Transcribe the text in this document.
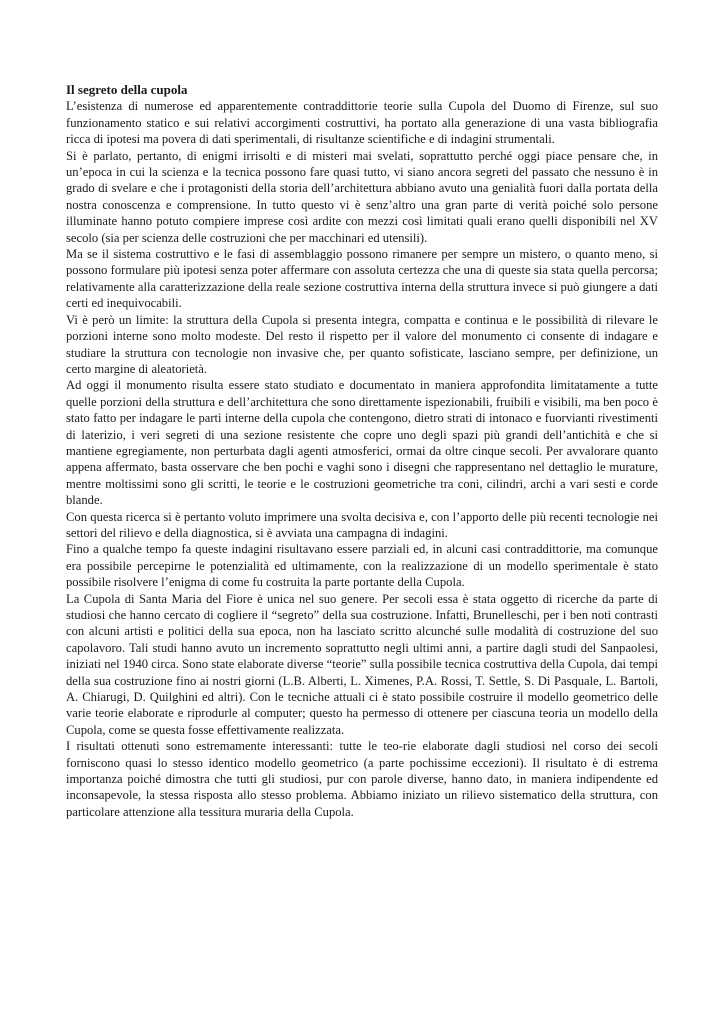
Il segreto della cupola

L’esistenza di numerose ed apparentemente contraddittorie teorie sulla Cupola del Duomo di Firenze, sul suo funzionamento statico e sui relativi accorgimenti costruttivi, ha portato alla generazione di una vasta bibliografia ricca di ipotesi ma povera di dati sperimentali, di risultanze scientifiche e di indagini strumentali.

Si è parlato, pertanto, di enigmi irrisolti e di misteri mai svelati, soprattutto perché oggi piace pensare che, in un’epoca in cui la scienza e la tecnica possono fare quasi tutto, vi siano ancora segreti del passato che nessuno è in grado di svelare e che i protagonisti della storia dell’architettura abbiano avuto una genialità fuori dalla portata della nostra conoscenza e comprensione. In tutto questo vi è senz’altro una gran parte di verità poiché solo persone illuminate hanno potuto compiere imprese così ardite con mezzi così limitati quali erano quelli disponibili nel XV secolo (sia per scienza delle costruzioni che per macchinari ed utensili).

Ma se il sistema costruttivo e le fasi di assemblaggio possono rimanere per sempre un mistero, o quanto meno, si possono formulare più ipotesi senza poter affermare con assoluta certezza che una di queste sia stata quella percorsa; relativamente alla caratterizzazione della reale sezione costruttiva interna della struttura invece si può giungere a dati certi ed inequivocabili.

Vi è però un limite: la struttura della Cupola si presenta integra, compatta e continua e le possibilità di rilevare le porzioni interne sono molto modeste. Del resto il rispetto per il valore del monumento ci consente di indagare e studiare la struttura con tecnologie non invasive che, per quanto sofisticate, lasciano sempre, per definizione, un certo margine di aleatorietà.

Ad oggi il monumento risulta essere stato studiato e documentato in maniera approfondita limitatamente a tutte quelle porzioni della struttura e dell’architettura che sono direttamente ispezionabili, fruibili e visibili, ma ben poco è stato fatto per indagare le parti interne della cupola che contengono, dietro strati di intonaco e fuorvianti rivestimenti di laterizio, i veri segreti di una sezione resistente che copre uno degli spazi più grandi dell’antichità e che si mantiene egregiamente, non perturbata dagli agenti atmosferici, ormai da oltre cinque secoli. Per avvalorare quanto appena affermato, basta osservare che ben pochi e vaghi sono i disegni che rappresentano nel dettaglio le murature, mentre moltissimi sono gli scritti, le teorie e le costruzioni geometriche tra coni, cilindri, archi a vari sesti e corde blande.

Con questa ricerca si è pertanto voluto imprimere una svolta decisiva e, con l’apporto delle più recenti tecnologie nei settori del rilievo e della diagnostica, si è avviata una campagna di indagini.

Fino a qualche tempo fa queste indagini risultavano essere parziali ed, in alcuni casi contraddittorie, ma comunque era possibile percepirne le potenzialità ed ultimamente, con la realizzazione di un modello sperimentale è stato possibile risolvere l’enigma di come fu costruita la parte portante della Cupola.

La Cupola di Santa Maria del Fiore è unica nel suo genere. Per secoli essa è stata oggetto di ricerche da parte di studiosi che hanno cercato di cogliere il “segreto” della sua costruzione. Infatti, Brunelleschi, per i ben noti contrasti con alcuni artisti e politici della sua epoca, non ha lasciato scritto alcunché sulle modalità di costruzione del suo capolavoro. Tali studi hanno avuto un incremento soprattutto negli ultimi anni, a partire dagli studi del Sanpaolesi, iniziati nel 1940 circa. Sono state elaborate diverse “teorie” sulla possibile tecnica costruttiva della Cupola, dai tempi della sua costruzione fino ai nostri giorni (L.B. Alberti, L. Ximenes, P.A. Rossi, T. Settle, S. Di Pasquale, L. Bartoli, A. Chiarugi, D. Quilghini ed altri). Con le tecniche attuali ci è stato possibile costruire il modello geometrico delle varie teorie elaborate e riprodurle al computer; questo ha permesso di ottenere per ciascuna teoria un modello della Cupola, come se questa fosse effettivamente realizzata.

I risultati ottenuti sono estremamente interessanti: tutte le teo-rie elaborate dagli studiosi nel corso dei secoli forniscono quasi lo stesso identico modello geometrico (a parte pochissime eccezioni). Il risultato è di estrema importanza poiché dimostra che tutti gli studiosi, pur con parole diverse, hanno dato, in maniera indipendente ed inconsapevole, la stessa risposta allo stesso problema. Abbiamo iniziato un rilievo sistematico della struttura, con particolare attenzione alla tessitura muraria della Cupola.
